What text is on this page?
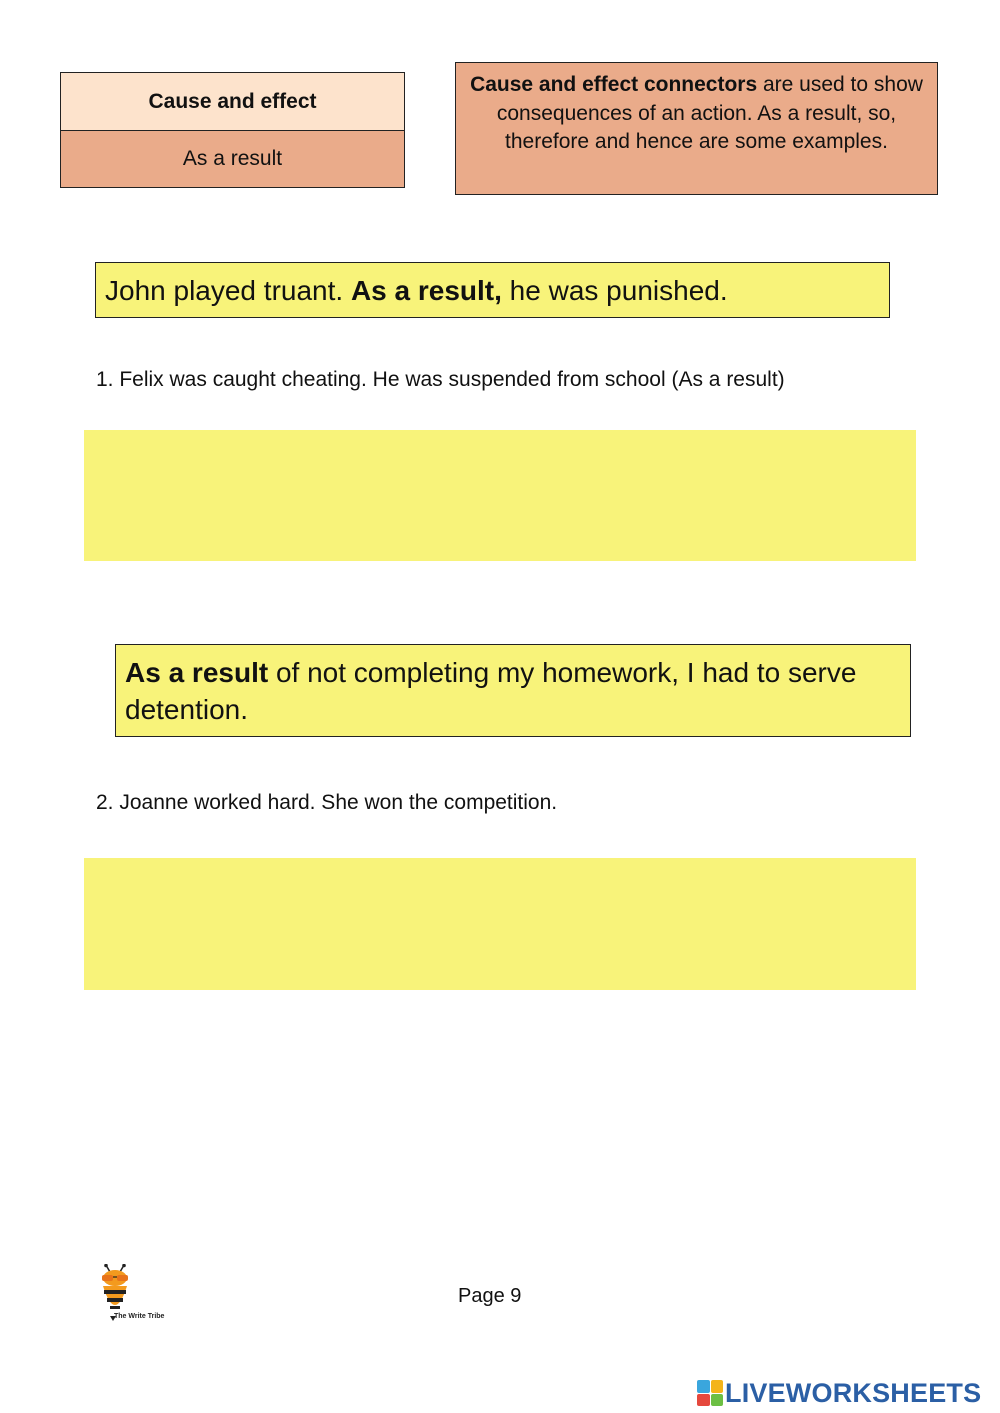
Cause and effect
As a result
Cause and effect connectors are used to show consequences of an action. As a result, so, therefore and hence are some examples.
John played truant. As a result, he was punished.
1. Felix was caught cheating. He was suspended from school (As a result)
As a result of not completing my homework, I had to serve detention.
2. Joanne worked hard. She won the competition.
The Write Tribe
Page 9
LIVEWORKSHEETS
